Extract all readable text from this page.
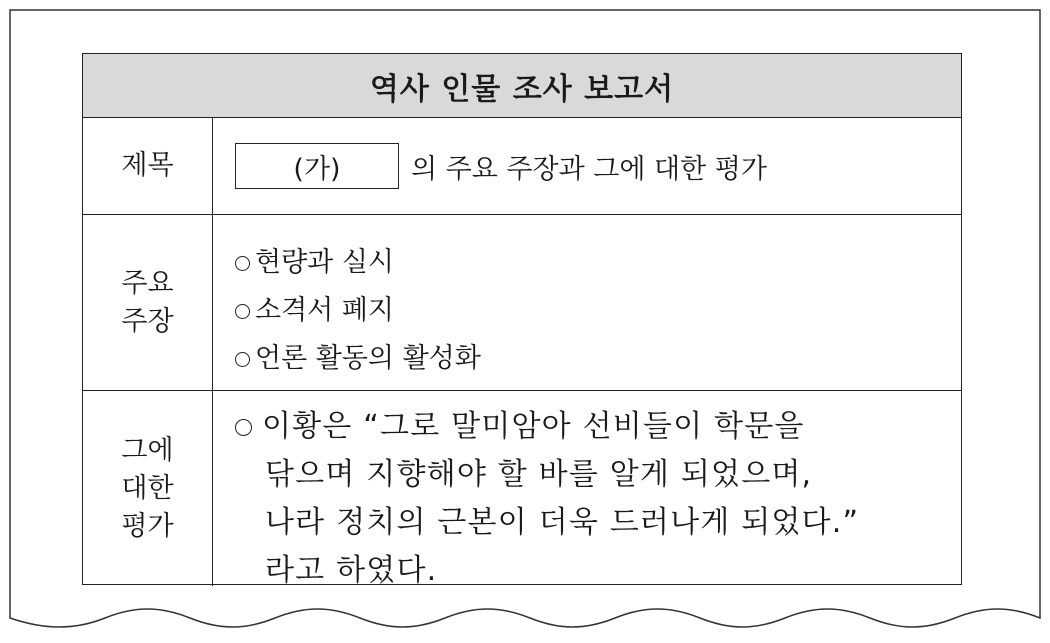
역사 인물 조사 보고서
제목	(가)	의 주요 주장과 그에 대한 평가
주요
주장
현량과 실시
소격서 폐지
언론 활동의 활성화
그에
대한
평가
이황은 “그로 말미암아 선비들이 학문을
닦으며 지향해야 할 바를 알게 되었으며,
나라 정치의 근본이 더욱 드러나게 되었다.”
라고 하였다.
